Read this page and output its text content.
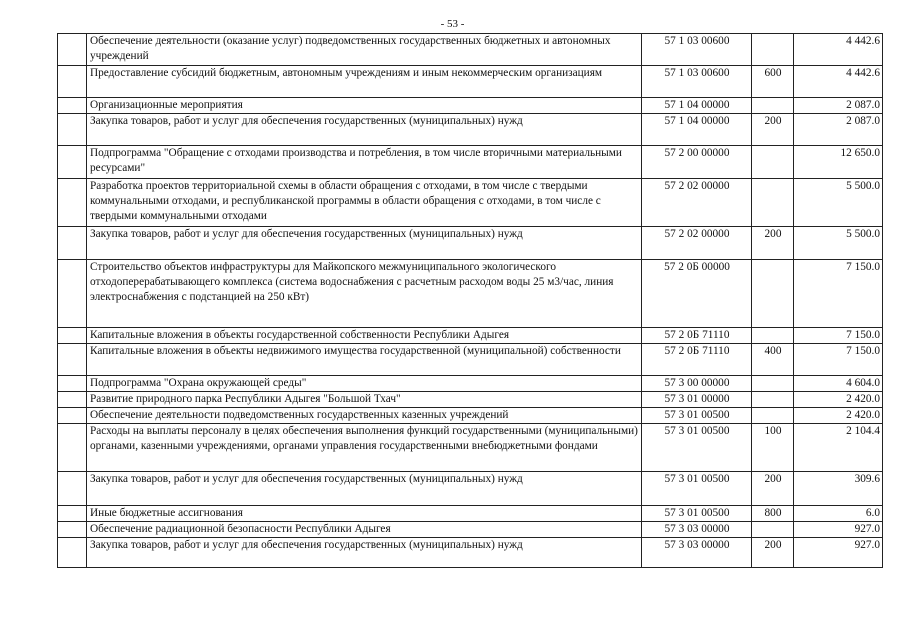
- 53 -
	Обеспечение деятельности (оказание услуг) подведомственных государственных бюджетных и автономных учреждений	57 1 03 00600		4 442.6
	Предоставление субсидий бюджетным, автономным учреждениям и иным некоммерческим организациям	57 1 03 00600	600	4 442.6
	Организационные мероприятия	57 1 04 00000		2 087.0
	Закупка товаров, работ и услуг для обеспечения государственных (муниципальных) нужд	57 1 04 00000	200	2 087.0
	Подпрограмма "Обращение с отходами производства и потребления, в том числе вторичными материальными ресурсами"	57 2 00 00000		12 650.0
	Разработка проектов территориальной схемы в области обращения с отходами, в том числе с твердыми коммунальными отходами, и республиканской программы в области обращения с отходами, в том числе с твердыми коммунальными отходами	57 2 02 00000		5 500.0
	Закупка товаров, работ и услуг для обеспечения государственных (муниципальных) нужд	57 2 02 00000	200	5 500.0
	Строительство объектов инфраструктуры для Майкопского межмуниципального экологического отходоперерабатывающего комплекса (система водоснабжения с расчетным расходом воды 25 м3/час, линия электроснабжения с подстанцией на 250 кВт)	57 2 0Б 00000		7 150.0
	Капитальные вложения в объекты государственной собственности Республики Адыгея	57 2 0Б 71110		7 150.0
	Капитальные вложения в объекты недвижимого имущества государственной (муниципальной) собственности	57 2 0Б 71110	400	7 150.0
	Подпрограмма "Охрана окружающей среды"	57 3 00 00000		4 604.0
	Развитие природного парка Республики Адыгея "Большой Тхач"	57 3 01 00000		2 420.0
	Обеспечение деятельности подведомственных государственных казенных учреждений	57 3 01 00500		2 420.0
	Расходы на выплаты персоналу в целях обеспечения выполнения функций государственными (муниципальными) органами, казенными учреждениями, органами управления государственными внебюджетными фондами	57 3 01 00500	100	2 104.4
	Закупка товаров, работ и услуг для обеспечения государственных (муниципальных) нужд	57 3 01 00500	200	309.6
	Иные бюджетные ассигнования	57 3 01 00500	800	6.0
	Обеспечение радиационной безопасности Республики Адыгея	57 3 03 00000		927.0
	Закупка товаров, работ и услуг для обеспечения государственных (муниципальных) нужд	57 3 03 00000	200	927.0
